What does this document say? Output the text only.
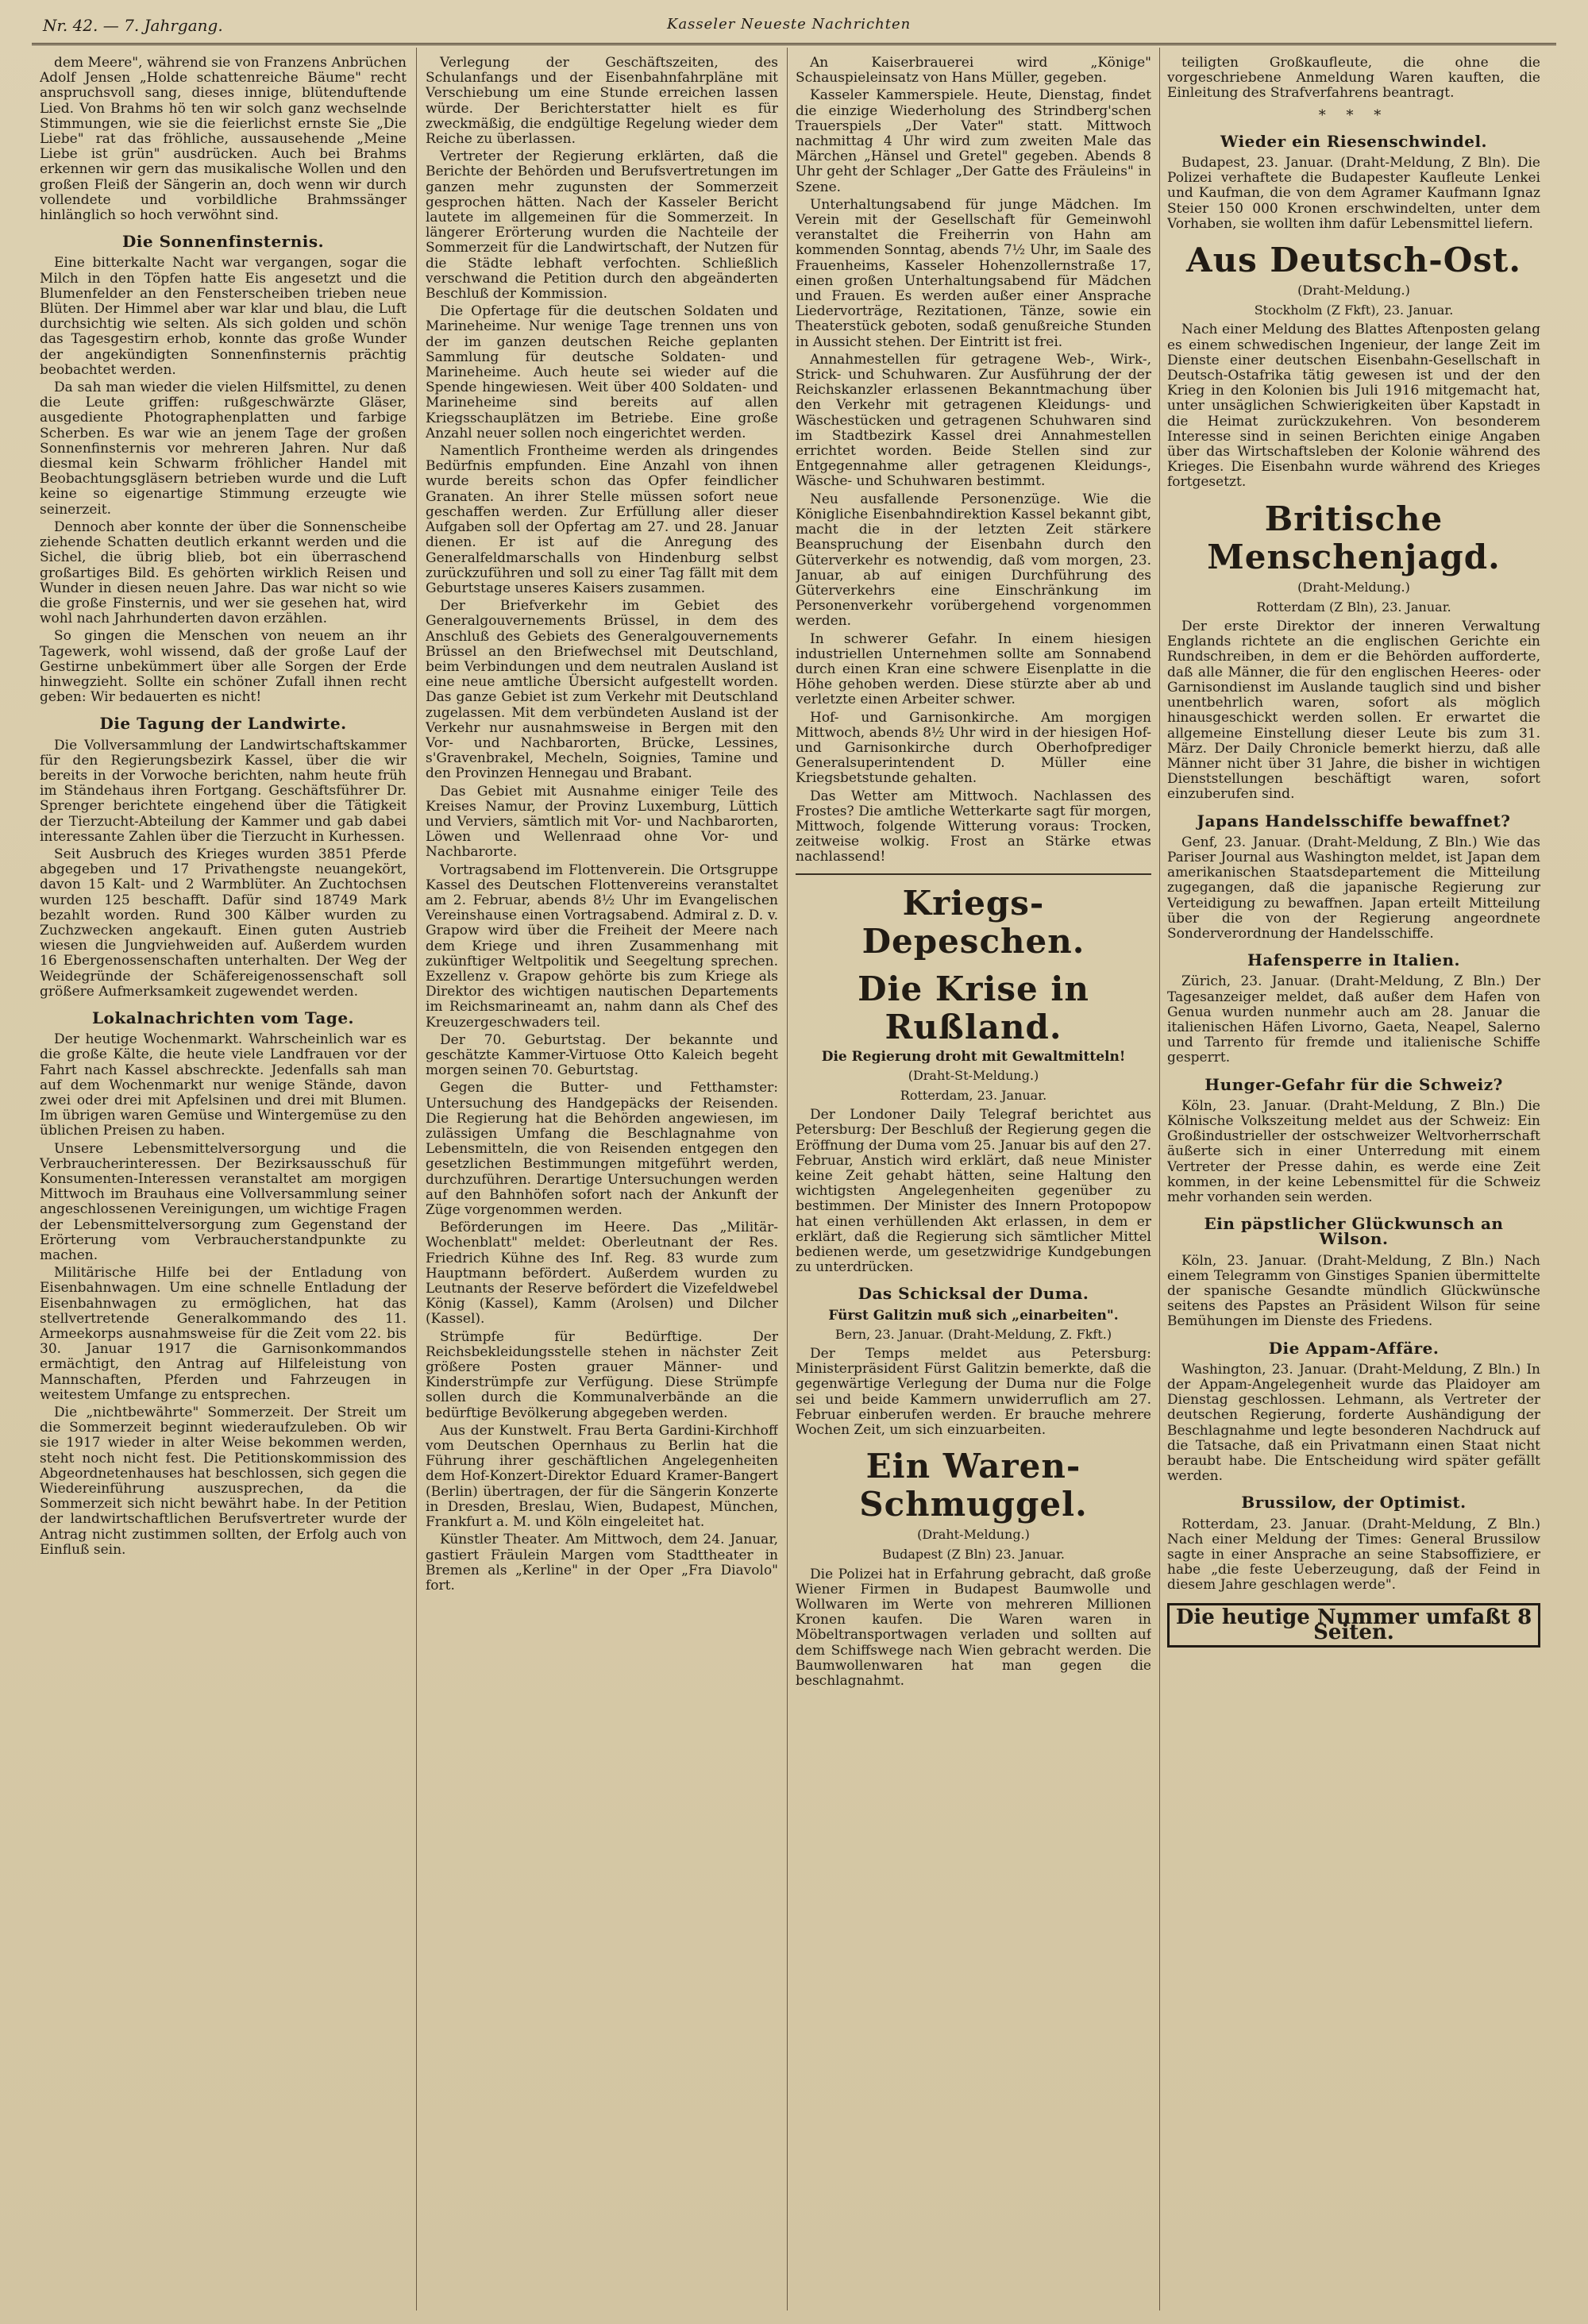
Nr. 42. — 7. Jahrgang.	Kasseler Neueste Nachrichten

dem Meere", während sie von Franzens Anbrüchen Adolf Jensen „Holde schattenreiche Bäume" recht anspruchsvoll sang, dieses innige, blütenduftende Lied. Von Brahms hö ten wir solch ganz wechselnde Stimmungen, wie sie die feierlichst ernste Sie „Die Liebe" rat das fröhliche, aussausehende „Meine Liebe ist grün" ausdrücken. Auch bei Brahms erkennen wir gern das musikalische Wollen und den großen Fleiß der Sängerin an, doch wenn wir durch vollendete und vorbildliche Brahmssänger hinlänglich so hoch verwöhnt sind.

Die Sonnenfinsternis.

Eine bitterkalte Nacht war vergangen, sogar die Milch in den Töpfen hatte Eis angesetzt und die Blumenfelder an den Fensterscheiben trieben neue Blüten. Der Himmel aber war klar und blau, die Luft durchsichtig wie selten. Als sich golden und schön das Tagesgestirn erhob, konnte das große Wunder der angekündigten Sonnenfinsternis prächtig beobachtet werden.

Da sah man wieder die vielen Hilfsmittel, zu denen die Leute griffen: rußgeschwärzte Gläser, ausgediente Photographenplatten und farbige Scherben. Es war wie an jenem Tage der großen Sonnenfinsternis vor mehreren Jahren. Nur daß diesmal kein Schwarm fröhlicher Handel mit Beobachtungsgläsern betrieben wurde und die Luft keine so eigenartige Stimmung erzeugte wie seinerzeit.

Dennoch aber konnte der über die Sonnenscheibe ziehende Schatten deutlich erkannt werden und die Sichel, die übrig blieb, bot ein überraschend großartiges Bild. Es gehörten wirklich Reisen und Wunder in diesen neuen Jahre. Das war nicht so wie die große Finsternis, und wer sie gesehen hat, wird wohl nach Jahrhunderten davon erzählen.

So gingen die Menschen von neuem an ihr Tagewerk, wohl wissend, daß der große Lauf der Gestirne unbekümmert über alle Sorgen der Erde hinwegzieht. Sollte ein schöner Zufall ihnen recht geben: Wir bedauerten es nicht!

Die Tagung der Landwirte.

Die Vollversammlung der Landwirtschaftskammer für den Regierungsbezirk Kassel, über die wir bereits in der Vorwoche berichten, nahm heute früh im Ständehaus ihren Fortgang. Geschäftsführer Dr. Sprenger berichtete eingehend über die Tätigkeit der Tierzucht-Abteilung der Kammer und gab dabei interessante Zahlen über die Tierzucht in Kurhessen.

Seit Ausbruch des Krieges wurden 3851 Pferde abgegeben und 17 Privathengste neuangekört, davon 15 Kalt- und 2 Warmblüter. An Zuchtochsen wurden 125 beschafft. Dafür sind 18749 Mark bezahlt worden. Rund 300 Kälber wurden zu Zuchzwecken angekauft. Einen guten Austrieb wiesen die Jungviehweiden auf. Außerdem wurden 16 Ebergenossenschaften unterhalten. Der Weg der Weidegründe der Schäfereigenossenschaft soll größere Aufmerksamkeit zugewendet werden.

Lokalnachrichten vom Tage.

Der heutige Wochenmarkt. Wahrscheinlich war es die große Kälte, die heute viele Landfrauen vor der Fahrt nach Kassel abschreckte. Jedenfalls sah man auf dem Wochenmarkt nur wenige Stände, davon zwei oder drei mit Apfelsinen und drei mit Blumen. Im übrigen waren Gemüse und Wintergemüse zu den üblichen Preisen zu haben.

Unsere Lebensmittelversorgung und die Verbraucherinteressen. Der Bezirksausschuß für Konsumenten-Interessen veranstaltet am morgigen Mittwoch im Brauhaus eine Vollversammlung seiner angeschlossenen Vereinigungen, um wichtige Fragen der Lebensmittelversorgung zum Gegenstand der Erörterung vom Verbraucherstandpunkte zu machen.

Militärische Hilfe bei der Entladung von Eisenbahnwagen. Um eine schnelle Entladung der Eisenbahnwagen zu ermöglichen, hat das stellvertretende Generalkommando des 11. Armeekorps ausnahmsweise für die Zeit vom 22. bis 30. Januar 1917 die Garnisonkommandos ermächtigt, den Antrag auf Hilfeleistung von Mannschaften, Pferden und Fahrzeugen in weitestem Umfange zu entsprechen.

Die „nichtbewährte" Sommerzeit. Der Streit um die Sommerzeit beginnt wiederaufzuleben. Ob wir sie 1917 wieder in alter Weise bekommen werden, steht noch nicht fest. Die Petitionskommission des Abgeordnetenhauses hat beschlossen, sich gegen die Wiedereinführung auszusprechen, da die Sommerzeit sich nicht bewährt habe. In der Petition der landwirtschaftlichen Berufsvertreter wurde der Antrag nicht zustimmen sollten, der Erfolg auch von Einfluß sein.

Verlegung der Geschäftszeiten, des Schulanfangs und der Eisenbahnfahrpläne mit Verschiebung um eine Stunde erreichen lassen würde. Der Berichterstatter hielt es für zweckmäßig, die endgültige Regelung wieder dem Reiche zu überlassen.

Vertreter der Regierung erklärten, daß die Berichte der Behörden und Berufsvertretungen im ganzen mehr zugunsten der Sommerzeit gesprochen hätten. Nach der Kasseler Bericht lautete im allgemeinen für die Sommerzeit. In längerer Erörterung wurden die Nachteile der Sommerzeit für die Landwirtschaft, der Nutzen für die Städte lebhaft verfochten. Schließlich verschwand die Petition durch den abgeänderten Beschluß der Kommission.

Die Opfertage für die deutschen Soldaten und Marineheime. Nur wenige Tage trennen uns von der im ganzen deutschen Reiche geplanten Sammlung für deutsche Soldaten- und Marineheime. Auch heute sei wieder auf die Spende hingewiesen. Weit über 400 Soldaten- und Marineheime sind bereits auf allen Kriegsschauplätzen im Betriebe. Eine große Anzahl neuer sollen noch eingerichtet werden.

Namentlich Frontheime werden als dringendes Bedürfnis empfunden. Eine Anzahl von ihnen wurde bereits schon das Opfer feindlicher Granaten. An ihrer Stelle müssen sofort neue geschaffen werden. Zur Erfüllung aller dieser Aufgaben soll der Opfertag am 27. und 28. Januar dienen. Er ist auf die Anregung des Generalfeldmarschalls von Hindenburg selbst zurückzuführen und soll zu einer Tag fällt mit dem Geburtstage unseres Kaisers zusammen.

Der Briefverkehr im Gebiet des Generalgouvernements Brüssel, in dem des Anschluß des Gebiets des Generalgouvernements Brüssel an den Briefwechsel mit Deutschland, beim Verbindungen und dem neutralen Ausland ist eine neue amtliche Übersicht aufgestellt worden. Das ganze Gebiet ist zum Verkehr mit Deutschland zugelassen. Mit dem verbündeten Ausland ist der Verkehr nur ausnahmsweise in Bergen mit den Vor- und Nachbarorten, Brücke, Lessines, s'Gravenbrakel, Mecheln, Soignies, Tamine und den Provinzen Hennegau und Brabant.

Das Gebiet mit Ausnahme einiger Teile des Kreises Namur, der Provinz Luxemburg, Lüttich und Verviers, sämtlich mit Vor- und Nachbarorten, Löwen und Wellenraad ohne Vor- und Nachbarorte.

Vortragsabend im Flottenverein. Die Ortsgruppe Kassel des Deutschen Flottenvereins veranstaltet am 2. Februar, abends 8½ Uhr im Evangelischen Vereinshause einen Vortragsabend. Admiral z. D. v. Grapow wird über die Freiheit der Meere nach dem Kriege und ihren Zusammenhang mit zukünftiger Weltpolitik und Seegeltung sprechen. Exzellenz v. Grapow gehörte bis zum Kriege als Direktor des wichtigen nautischen Departements im Reichsmarineamt an, nahm dann als Chef des Kreuzergeschwaders teil.

Der 70. Geburtstag. Der bekannte und geschätzte Kammer-Virtuose Otto Kaleich begeht morgen seinen 70. Geburtstag.

Gegen die Butter- und Fetthamster: Untersuchung des Handgepäcks der Reisenden. Die Regierung hat die Behörden angewiesen, im zulässigen Umfang die Beschlagnahme von Lebensmitteln, die von Reisenden entgegen den gesetzlichen Bestimmungen mitgeführt werden, durchzuführen. Derartige Untersuchungen werden auf den Bahnhöfen sofort nach der Ankunft der Züge vorgenommen werden.

Beförderungen im Heere. Das „Militär-Wochenblatt" meldet: Oberleutnant der Res. Friedrich Kühne des Inf. Reg. 83 wurde zum Hauptmann befördert. Außerdem wurden zu Leutnants der Reserve befördert die Vizefeldwebel König (Kassel), Kamm (Arolsen) und Dilcher (Kassel).

Strümpfe für Bedürftige. Der Reichsbekleidungsstelle stehen in nächster Zeit größere Posten grauer Männer- und Kinderstrümpfe zur Verfügung. Diese Strümpfe sollen durch die Kommunalverbände an die bedürftige Bevölkerung abgegeben werden.

Aus der Kunstwelt. Frau Berta Gardini-Kirchhoff vom Deutschen Opernhaus zu Berlin hat die Führung ihrer geschäftlichen Angelegenheiten dem Hof-Konzert-Direktor Eduard Kramer-Bangert (Berlin) übertragen, der für die Sängerin Konzerte in Dresden, Breslau, Wien, Budapest, München, Frankfurt a. M. und Köln eingeleitet hat.

Künstler Theater. Am Mittwoch, dem 24. Januar, gastiert Fräulein Margen vom Stadttheater in Bremen als „Kerline" in der Oper „Fra Diavolo" fort.

An Kaiserbrauerei wird „Könige" Schauspieleinsatz von Hans Müller, gegeben.

Kasseler Kammerspiele. Heute, Dienstag, findet die einzige Wiederholung des Strindberg'schen Trauerspiels „Der Vater" statt. Mittwoch nachmittag 4 Uhr wird zum zweiten Male das Märchen „Hänsel und Gretel" gegeben. Abends 8 Uhr geht der Schlager „Der Gatte des Fräuleins" in Szene.

Unterhaltungsabend für junge Mädchen. Im Verein mit der Gesellschaft für Gemeinwohl veranstaltet die Freiherrin von Hahn am kommenden Sonntag, abends 7½ Uhr, im Saale des Frauenheims, Kasseler Hohenzollernstraße 17, einen großen Unterhaltungsabend für Mädchen und Frauen. Es werden außer einer Ansprache Liedervorträge, Rezitationen, Tänze, sowie ein Theaterstück geboten, sodaß genußreiche Stunden in Aussicht stehen. Der Eintritt ist frei.

Annahmestellen für getragene Web-, Wirk-, Strick- und Schuhwaren. Zur Ausführung der der Reichskanzler erlassenen Bekanntmachung über den Verkehr mit getragenen Kleidungs- und Wäschestücken und getragenen Schuhwaren sind im Stadtbezirk Kassel drei Annahmestellen errichtet worden. Beide Stellen sind zur Entgegennahme aller getragenen Kleidungs-, Wäsche- und Schuhwaren bestimmt.

Neu ausfallende Personenzüge. Wie die Königliche Eisenbahndirektion Kassel bekannt gibt, macht die in der letzten Zeit stärkere Beanspruchung der Eisenbahn durch den Güterverkehr es notwendig, daß vom morgen, 23. Januar, ab auf einigen Durchführung des Güterverkehrs eine Einschränkung im Personenverkehr vorübergehend vorgenommen werden.

In schwerer Gefahr. In einem hiesigen industriellen Unternehmen sollte am Sonnabend durch einen Kran eine schwere Eisenplatte in die Höhe gehoben werden. Diese stürzte aber ab und verletzte einen Arbeiter schwer.

Hof- und Garnisonkirche. Am morgigen Mittwoch, abends 8½ Uhr wird in der hiesigen Hof- und Garnisonkirche durch Oberhofprediger Generalsuperintendent D. Müller eine Kriegsbetstunde gehalten.

Das Wetter am Mittwoch. Nachlassen des Frostes? Die amtliche Wetterkarte sagt für morgen, Mittwoch, folgende Witterung voraus: Trocken, zeitweise wolkig. Frost an Stärke etwas nachlassend!

Kriegs-Depeschen.
Die Krise in Rußland.
Die Regierung droht mit Gewaltmitteln!
(Draht-St-Meldung.)
Rotterdam, 23. Januar.

Der Londoner Daily Telegraf berichtet aus Petersburg: Der Beschluß der Regierung gegen die Eröffnung der Duma vom 25. Januar bis auf den 27. Februar, Anstich wird erklärt, daß neue Minister keine Zeit gehabt hätten, seine Haltung den wichtigsten Angelegenheiten gegenüber zu bestimmen. Der Minister des Innern Protopopow hat einen verhüllenden Akt erlassen, in dem er erklärt, daß die Regierung sich sämtlicher Mittel bedienen werde, um gesetzwidrige Kundgebungen zu unterdrücken.

Das Schicksal der Duma.
Fürst Galitzin muß sich „einarbeiten".
Bern, 23. Januar. (Draht-Meldung, Z. Fkft.)

Der Temps meldet aus Petersburg: Ministerpräsident Fürst Galitzin bemerkte, daß die gegenwärtige Verlegung der Duma nur die Folge sei und beide Kammern unwiderruflich am 27. Februar einberufen werden. Er brauche mehrere Wochen Zeit, um sich einzuarbeiten.

Ein Waren-Schmuggel.
(Draht-Meldung.)
Budapest (Z Bln) 23. Januar.

Die Polizei hat in Erfahrung gebracht, daß große Wiener Firmen in Budapest Baumwolle und Wollwaren im Werte von mehreren Millionen Kronen kaufen. Die Waren waren in Möbeltransportwagen verladen und sollten auf dem Schiffswege nach Wien gebracht werden. Die Baumwollenwaren hat man gegen die beschlagnahmt.

teiligten Großkaufleute, die ohne die vorgeschriebene Anmeldung Waren kauften, die Einleitung des Strafverfahrens beantragt.

* * *
Wieder ein Riesenschwindel.

Budapest, 23. Januar. (Draht-Meldung, Z Bln). Die Polizei verhaftete die Budapester Kaufleute Lenkei und Kaufman, die von dem Agramer Kaufmann Ignaz Steier 150 000 Kronen erschwindelten, unter dem Vorhaben, sie wollten ihm dafür Lebensmittel liefern.

Aus Deutsch-Ost.
(Draht-Meldung.)
Stockholm (Z Fkft), 23. Januar.

Nach einer Meldung des Blattes Aftenposten gelang es einem schwedischen Ingenieur, der lange Zeit im Dienste einer deutschen Eisenbahn-Gesellschaft in Deutsch-Ostafrika tätig gewesen ist und der den Krieg in den Kolonien bis Juli 1916 mitgemacht hat, unter unsäglichen Schwierigkeiten über Kapstadt in die Heimat zurückzukehren. Von besonderem Interesse sind in seinen Berichten einige Angaben über das Wirtschaftsleben der Kolonie während des Krieges. Die Eisenbahn wurde während des Krieges fortgesetzt.

Britische Menschenjagd.
(Draht-Meldung.)
Rotterdam (Z Bln), 23. Januar.

Der erste Direktor der inneren Verwaltung Englands richtete an die englischen Gerichte ein Rundschreiben, in dem er die Behörden aufforderte, daß alle Männer, die für den englischen Heeres- oder Garnisondienst im Auslande tauglich sind und bisher unentbehrlich waren, sofort als möglich hinausgeschickt werden sollen. Er erwartet die allgemeine Einstellung dieser Leute bis zum 31. März. Der Daily Chronicle bemerkt hierzu, daß alle Männer nicht über 31 Jahre, die bisher in wichtigen Dienststellungen beschäftigt waren, sofort einzuberufen sind.

Japans Handelsschiffe bewaffnet?

Genf, 23. Januar. (Draht-Meldung, Z Bln.) Wie das Pariser Journal aus Washington meldet, ist Japan dem amerikanischen Staatsdepartement die Mitteilung zugegangen, daß die japanische Regierung zur Verteidigung zu bewaffnen. Japan erteilt Mitteilung über die von der Regierung angeordnete Sonderverordnung der Handelsschiffe.

Hafensperre in Italien.

Zürich, 23. Januar. (Draht-Meldung, Z Bln.) Der Tagesanzeiger meldet, daß außer dem Hafen von Genua wurden nunmehr auch am 28. Januar die italienischen Häfen Livorno, Gaeta, Neapel, Salerno und Tarrento für fremde und italienische Schiffe gesperrt.

Hunger-Gefahr für die Schweiz?

Köln, 23. Januar. (Draht-Meldung, Z Bln.) Die Kölnische Volkszeitung meldet aus der Schweiz: Ein Großindustrieller der ostschweizer Weltvorherrschaft äußerte sich in einer Unterredung mit einem Vertreter der Presse dahin, es werde eine Zeit kommen, in der keine Lebensmittel für die Schweiz mehr vorhanden sein werden.

Ein päpstlicher Glückwunsch an Wilson.

Köln, 23. Januar. (Draht-Meldung, Z Bln.) Nach einem Telegramm von Ginstiges Spanien übermittelte der spanische Gesandte mündlich Glückwünsche seitens des Papstes an Präsident Wilson für seine Bemühungen im Dienste des Friedens.

Die Appam-Affäre.

Washington, 23. Januar. (Draht-Meldung, Z Bln.) In der Appam-Angelegenheit wurde das Plaidoyer am Dienstag geschlossen. Lehmann, als Vertreter der deutschen Regierung, forderte Aushändigung der Beschlagnahme und legte besonderen Nachdruck auf die Tatsache, daß ein Privatmann einen Staat nicht beraubt habe. Die Entscheidung wird später gefällt werden.

Brussilow, der Optimist.

Rotterdam, 23. Januar. (Draht-Meldung, Z Bln.) Nach einer Meldung der Times: General Brussilow sagte in einer Ansprache an seine Stabsoffiziere, er habe „die feste Ueberzeugung, daß der Feind in diesem Jahre geschlagen werde".

Die heutige Nummer umfaßt 8 Seiten.
